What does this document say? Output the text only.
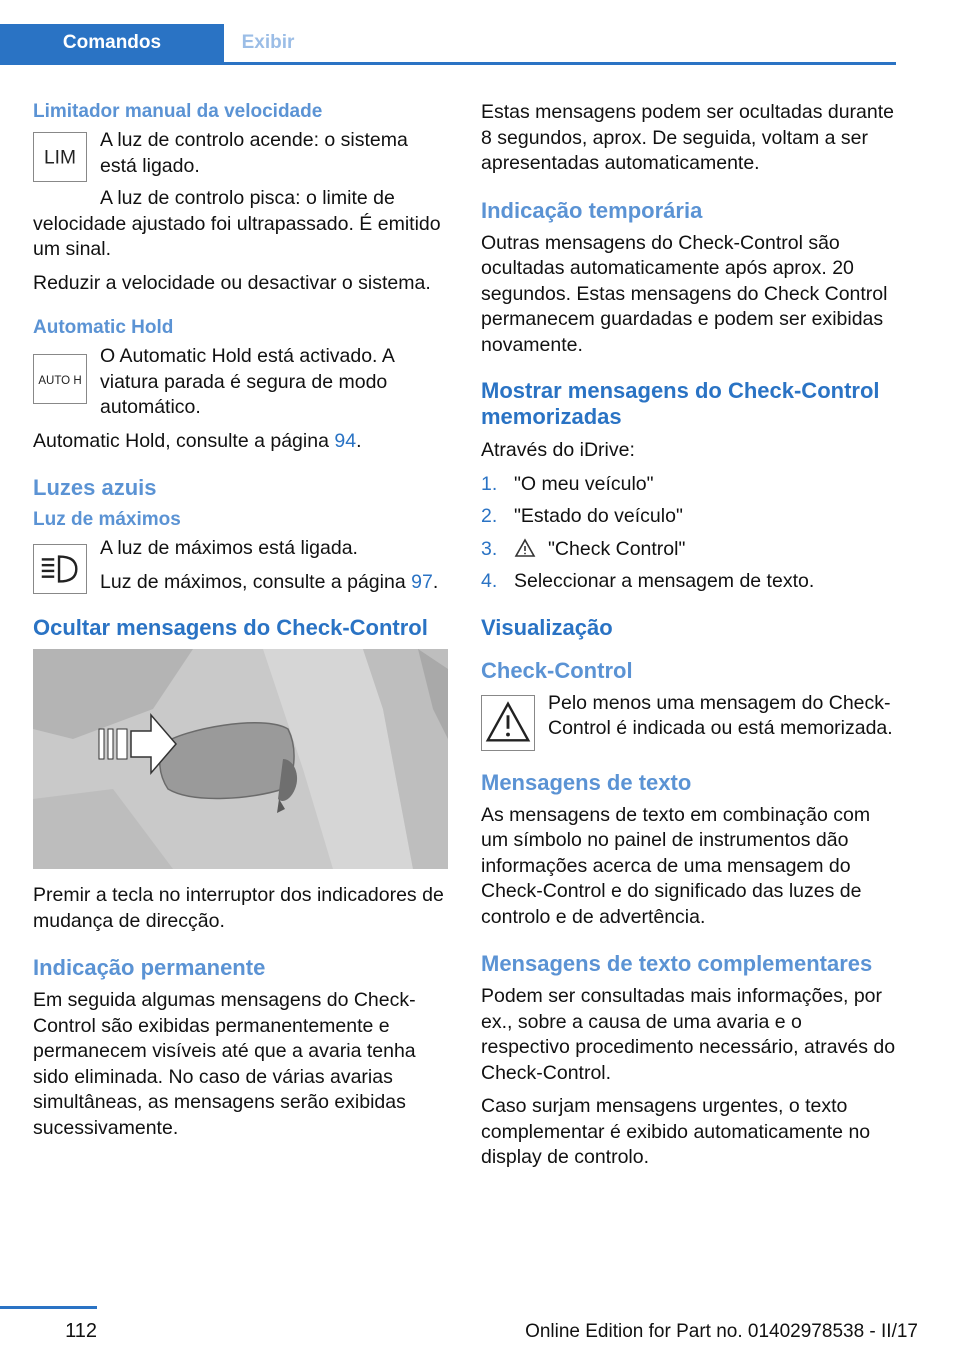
Comandos	Exibir
Limitador manual da velocidade
LIM

A luz de controlo acende: o sistema está ligado.

A luz de controlo pisca: o limite de velocidade ajustado foi ultrapassado. É emitido um sinal.

Reduzir a velocidade ou desactivar o sistema.

Automatic Hold
AUTO H

O Automatic Hold está activado. A viatura parada é segura de modo automático.

Automatic Hold, consulte a página 94.

Luzes azuis
Luz de máximos

A luz de máximos está ligada.

Luz de máximos, consulte a página 97.

Ocultar mensagens do Check-Control

Premir a tecla no interruptor dos indicadores de mudança de direcção.

Indicação permanente

Em seguida algumas mensagens do Check-Control são exibidas permanentemente e permanecem visíveis até que a avaria tenha sido eliminada. No caso de várias avarias simultâneas, as mensagens serão exibidas sucessivamente.

Estas mensagens podem ser ocultadas durante 8 segundos, aprox. De seguida, voltam a ser apresentadas automaticamente.

Indicação temporária

Outras mensagens do Check-Control são ocultadas automaticamente após aprox. 20 segundos. Estas mensagens do Check Control permanecem guardadas e podem ser exibidas novamente.

Mostrar mensagens do Check-Control memorizadas

Através do iDrive:

1. "O meu veículo"
2. "Estado do veículo"
3.	"Check Control"
4. Seleccionar a mensagem de texto.
Visualização
Check-Control

Pelo menos uma mensagem do Check-Control é indicada ou está memorizada.

Mensagens de texto

As mensagens de texto em combinação com um símbolo no painel de instrumentos dão informações acerca de uma mensagem do Check-Control e do significado das luzes de controlo e de advertência.

Mensagens de texto complementares

Podem ser consultadas mais informações, por ex., sobre a causa de uma avaria e o respectivo procedimento necessário, através do Check-Control.

Caso surjam mensagens urgentes, o texto complementar é exibido automaticamente no display de controlo.

112	Online Edition for Part no. 01402978538 - II/17
